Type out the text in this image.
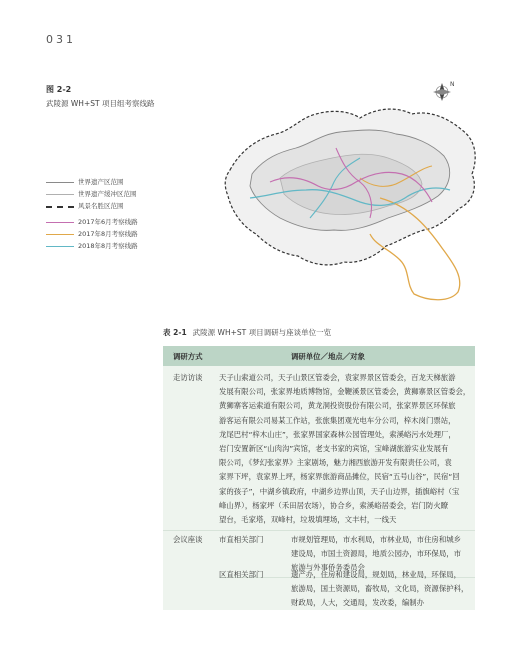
031
图 2-2
武陵源 WH+ST 项目组考察线路
N
世界遗产区范围
世界遗产缓冲区范围
风景名胜区范围
2017年6月考察线路
2017年8月考察线路
2018年8月考察线路
表 2-1 武陵源 WH+ST 项目调研与座谈单位一览
调研方式	调研单位／地点／对象
走访访谈 天子山索道公司，天子山景区管委会，袁家界景区管委会，百龙天梯旅游
发展有限公司，张家界地质博物馆，金鞭溪景区管委会，黄狮寨景区管委会，
黄狮寨客运索道有限公司，黄龙洞投资股份有限公司，张家界景区环保旅
游客运有限公司易某工作站，张旅集团观光电车分公司，梓木岗门票站，
龙尾巴村“梓木山庄”，张家界国家森林公园管理处，索溪峪污水处理厂，
岩门安置新区“山肉沟”宾馆，老支书家的宾馆，宝峰湖旅游实业发展有
限公司，《梦幻张家界》主家剧场，魅力湘西旅游开发有限责任公司，袁
家界下坪，袁家界上坪，杨家界旅游商品摊位，民宿“五号山谷”，民宿“回
家的孩子”，中湖乡镇政府，中湖乡边界山顶，天子山边界，插旗峪村（宝
峰山界），杨家坪（禾田居农场），协合乡，索溪峪居委会，岩门防火瞭
望台，毛家塔，双峰村，垃圾填埋场，文丰村，一线天
会议座谈 市直相关部门	市规划管理局，市水利局，市林业局，市住房和城乡
建设局，市国土资源局，地质公园办，市环保局，市
旅游与外事侨务委员会
区直相关部门	遗产办，住房和建设局，规划局，林业局，环保局，
旅游局，国土资源局，畜牧局，文化局，资源保护科，
财政局，人大，交通局，发改委，编制办
